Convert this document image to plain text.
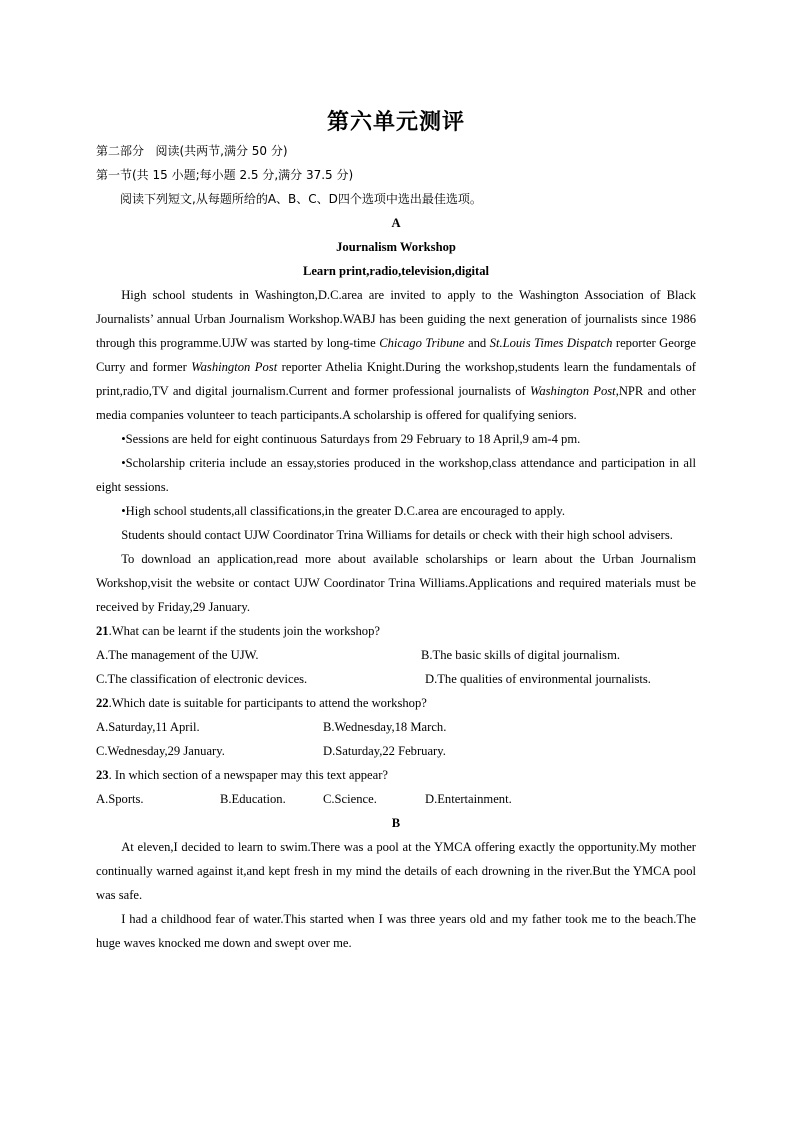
第六单元测评
第二部分 阅读(共两节,满分 50 分)
第一节(共 15 小题;每小题 2.5 分,满分 37.5 分)
阅读下列短文,从每题所给的A、B、C、D四个选项中选出最佳选项。
A
Journalism Workshop
Learn print,radio,television,digital
High school students in Washington,D.C.area are invited to apply to the Washington Association of Black Journalists’ annual Urban Journalism Workshop.WABJ has been guiding the next generation of journalists since 1986 through this programme.UJW was started by long-time Chicago Tribune and St.Louis Times Dispatch reporter George Curry and former Washington Post reporter Athelia Knight.During the workshop,students learn the fundamentals of print,radio,TV and digital journalism.Current and former professional journalists of Washington Post,NPR and other media companies volunteer to teach participants.A scholarship is offered for qualifying seniors.
•Sessions are held for eight continuous Saturdays from 29 February to 18 April,9 am-4 pm.
•Scholarship criteria include an essay,stories produced in the workshop,class attendance and participation in all eight sessions.
•High school students,all classifications,in the greater D.C.area are encouraged to apply.
Students should contact UJW Coordinator Trina Williams for details or check with their high school advisers.
To download an application,read more about available scholarships or learn about the Urban Journalism Workshop,visit the website or contact UJW Coordinator Trina Williams.Applications and required materials must be received by Friday,29 January.
21.What can be learnt if the students join the workshop?
A.The management of the UJW.	B.The basic skills of digital journalism.
C.The classification of electronic devices.	D.The qualities of environmental journalists.
22.Which date is suitable for participants to attend the workshop?
A.Saturday,11 April.	B.Wednesday,18 March.
C.Wednesday,29 January.	D.Saturday,22 February.
23. In which section of a newspaper may this text appear?
A.Sports.	B.Education.	C.Science.	D.Entertainment.
B
At eleven,I decided to learn to swim.There was a pool at the YMCA offering exactly the opportunity.My mother continually warned against it,and kept fresh in my mind the details of each drowning in the river.But the YMCA pool was safe.
I had a childhood fear of water.This started when I was three years old and my father took me to the beach.The huge waves knocked me down and swept over me.
